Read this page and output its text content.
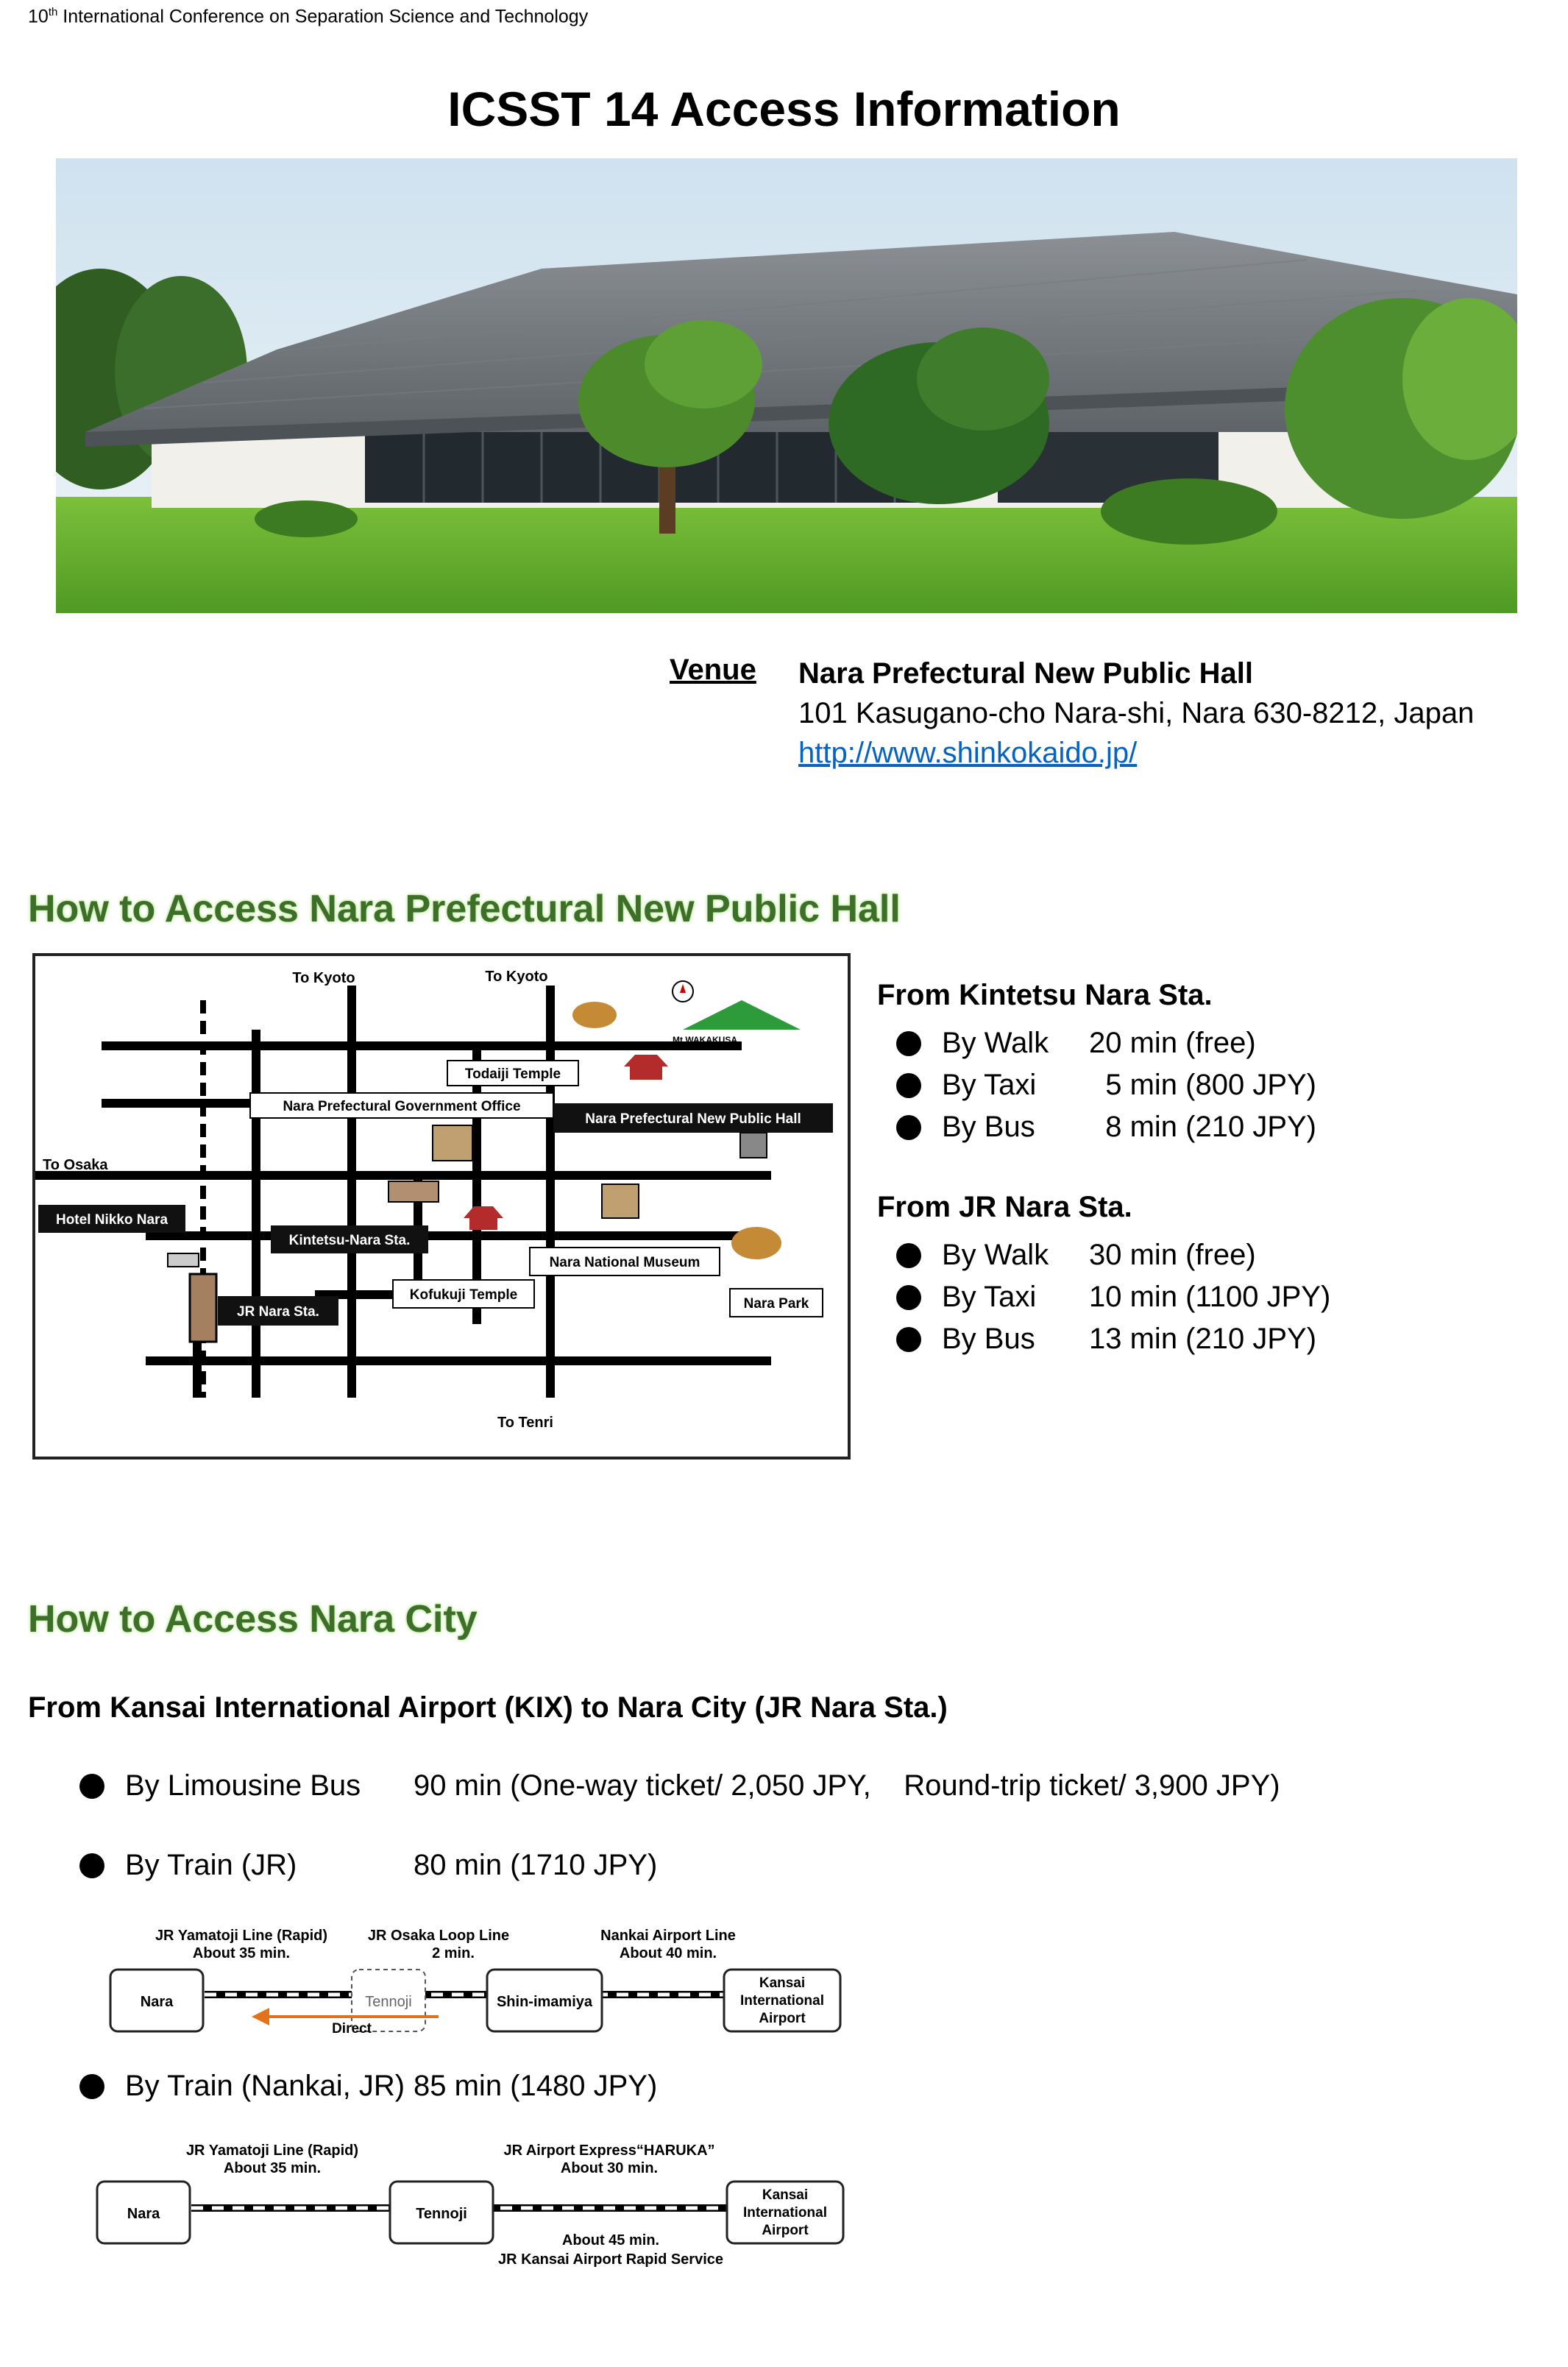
10th International Conference on Separation Science and Technology
ICSST 14 Access Information
Venue Nara Prefectural New Public Hall
101 Kasugano-cho Nara-shi, Nara 630-8212, Japan
http://www.shinkokaido.jp/
How to Access Nara Prefectural New Public Hall
To Kyoto	To Kyoto
To Osaka
To Tenri
Mt.WAKAKUSA
Todaiji Temple
Nara Prefectural Government Office
Nara Prefectural New Public Hall
Hotel Nikko Nara
Kintetsu-Nara Sta.
JR Nara Sta.
Kofukuji Temple
Nara National Museum
Nara Park
From Kintetsu Nara Sta.
By Walk	20 min (free)
By Taxi	5 min (800 JPY)
By Bus	8 min (210 JPY)
From JR Nara Sta.
By Walk	30 min (free)
By Taxi	10 min (1100 JPY)
By Bus	13 min (210 JPY)
How to Access Nara City
From Kansai International Airport (KIX) to Nara City (JR Nara Sta.)
By Limousine Bus	90 min (One-way ticket/ 2,050 JPY,    Round-trip ticket/ 3,900 JPY)
By Train (JR)	80 min (1710 JPY)
JR Yamatoji Line (Rapid)
About 35 min.
JR Osaka Loop Line
2 min.
Nankai Airport Line
About 40 min.
Nara	Tennoji	Shin-imamiya
Kansai
International
Airport
Direct
By Train (Nankai, JR) 85 min (1480 JPY)
JR Yamatoji Line (Rapid)
About 35 min.
JR Airport Express“HARUKA”
About 30 min.
Nara	Tennoji
Kansai
International
Airport
About 45 min.
JR Kansai Airport Rapid Service
